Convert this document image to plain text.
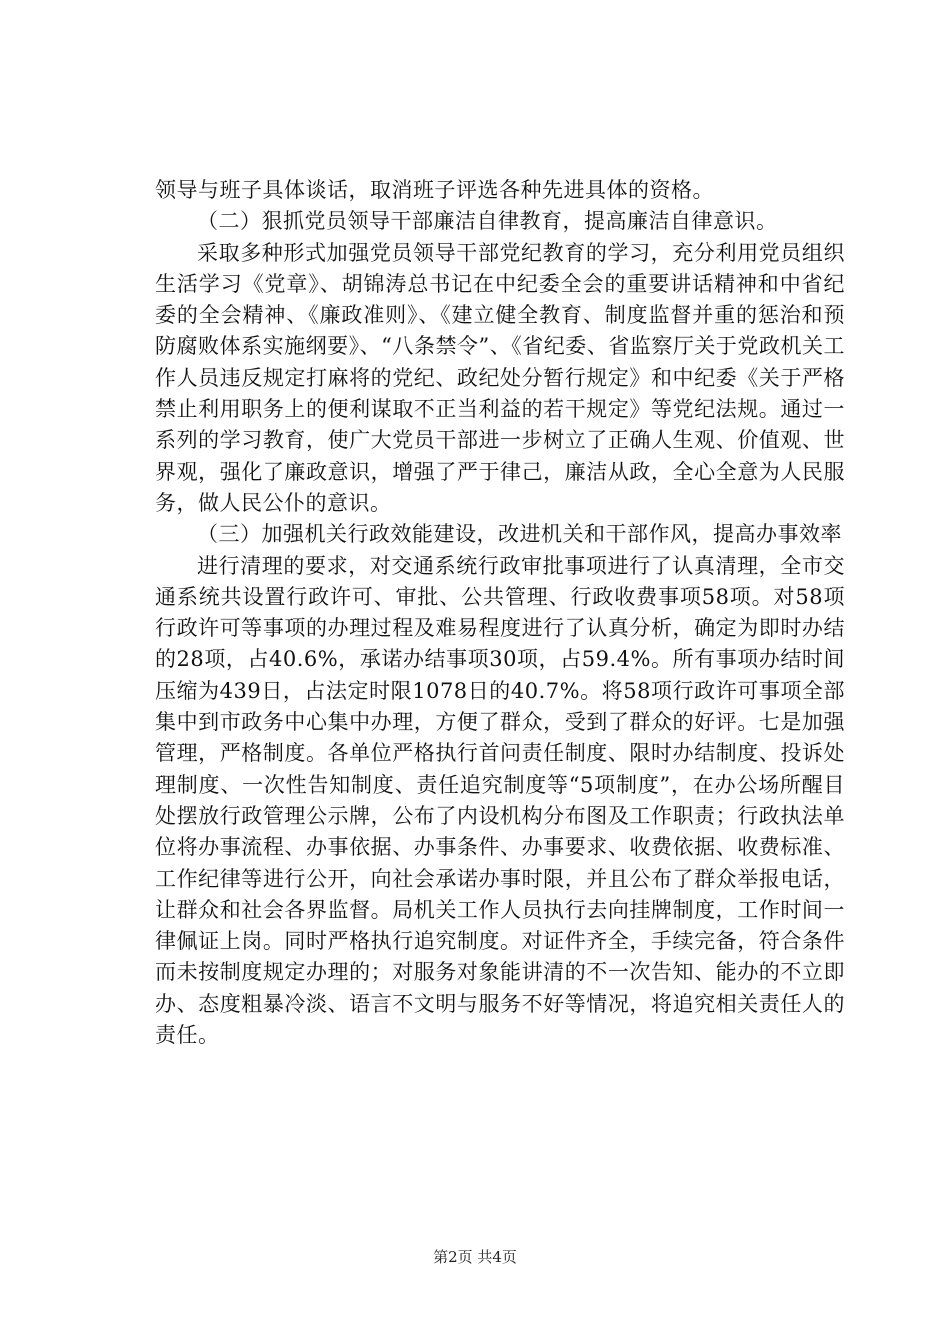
领导与班子具体谈话，取消班子评选各种先进具体的资格。

（二）狠抓党员领导干部廉洁自律教育，提高廉洁自律意识。

采取多种形式加强党员领导干部党纪教育的学习，充分利用党员组织生活学习《党章》、胡锦涛总书记在中纪委全会的重要讲话精神和中省纪委的全会精神、《廉政准则》、《建立健全教育、制度监督并重的惩治和预防腐败体系实施纲要》、“八条禁令”、《省纪委、省监察厅关于党政机关工作人员违反规定打麻将的党纪、政纪处分暂行规定》和中纪委《关于严格禁止利用职务上的便利谋取不正当利益的若干规定》等党纪法规。通过一系列的学习教育，使广大党员干部进一步树立了正确人生观、价值观、世界观，强化了廉政意识，增强了严于律己，廉洁从政，全心全意为人民服务，做人民公仆的意识。

（三）加强机关行政效能建设，改进机关和干部作风，提高办事效率

进行清理的要求，对交通系统行政审批事项进行了认真清理，全市交通系统共设置行政许可、审批、公共管理、行政收费事项58项。对58项行政许可等事项的办理过程及难易程度进行了认真分析，确定为即时办结的28项，占40.6%，承诺办结事项30项，占59.4%。所有事项办结时间压缩为439日，占法定时限1078日的40.7%。将58项行政许可事项全部集中到市政务中心集中办理，方便了群众，受到了群众的好评。七是加强管理，严格制度。各单位严格执行首问责任制度、限时办结制度、投诉处理制度、一次性告知制度、责任追究制度等“5项制度”，在办公场所醒目处摆放行政管理公示牌，公布了内设机构分布图及工作职责；行政执法单位将办事流程、办事依据、办事条件、办事要求、收费依据、收费标准、工作纪律等进行公开，向社会承诺办事时限，并且公布了群众举报电话，让群众和社会各界监督。局机关工作人员执行去向挂牌制度，工作时间一律佩证上岗。同时严格执行追究制度。对证件齐全，手续完备，符合条件而未按制度规定办理的；对服务对象能讲清的不一次告知、能办的不立即办、态度粗暴冷淡、语言不文明与服务不好等情况，将追究相关责任人的责任。

第2页 共4页
